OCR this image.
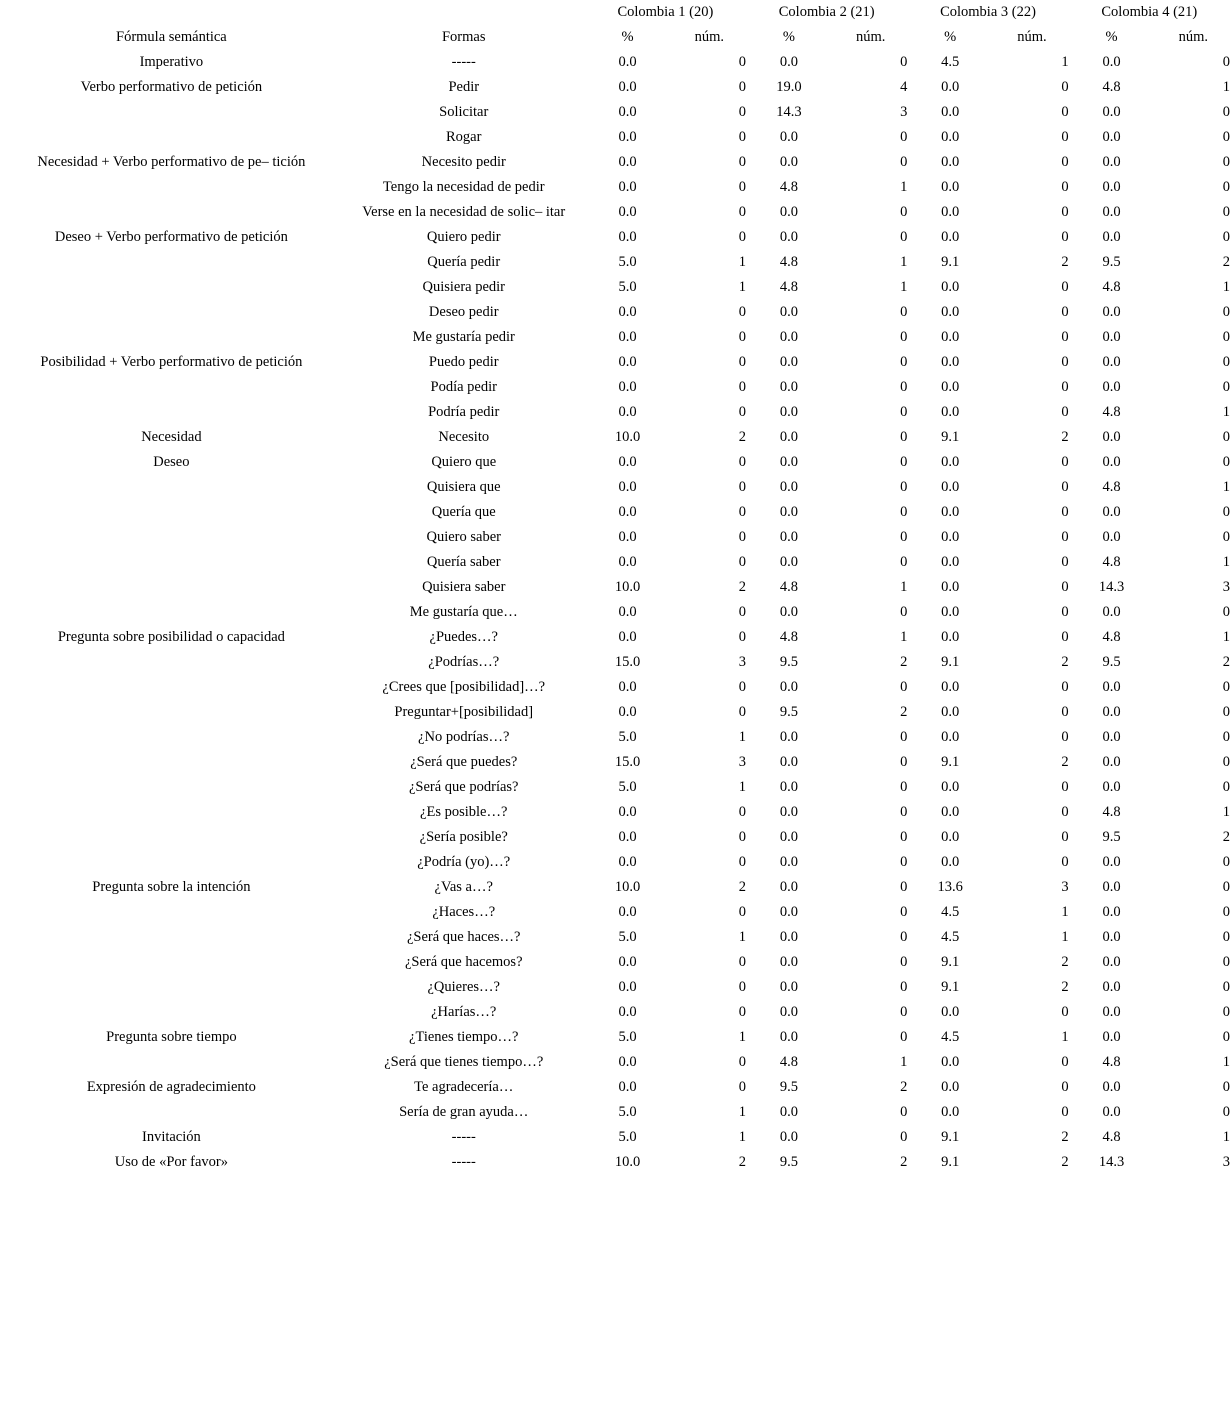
		Colombia 1 (20)		Colombia 2 (21)		Colombia 3 (22)		Colombia 4 (21)	
Fórmula semántica	Formas	%	núm.	%	núm.	%	núm.	%	núm.
Imperativo	-----	0.0	0	0.0	0	4.5	1	0.0	0
Verbo performativo de petición	Pedir	0.0	0	19.0	4	0.0	0	4.8	1
	Solicitar	0.0	0	14.3	3	0.0	0	0.0	0
	Rogar	0.0	0	0.0	0	0.0	0	0.0	0
Necesidad + Verbo performativo de pe– tición	Necesito pedir	0.0	0	0.0	0	0.0	0	0.0	0
	Tengo la necesidad de pedir	0.0	0	4.8	1	0.0	0	0.0	0
	Verse en la necesidad de solic– itar	0.0	0	0.0	0	0.0	0	0.0	0
Deseo + Verbo performativo de petición	Quiero pedir	0.0	0	0.0	0	0.0	0	0.0	0
	Quería pedir	5.0	1	4.8	1	9.1	2	9.5	2
	Quisiera pedir	5.0	1	4.8	1	0.0	0	4.8	1
	Deseo pedir	0.0	0	0.0	0	0.0	0	0.0	0
	Me gustaría pedir	0.0	0	0.0	0	0.0	0	0.0	0
Posibilidad + Verbo performativo de petición	Puedo pedir	0.0	0	0.0	0	0.0	0	0.0	0
	Podía pedir	0.0	0	0.0	0	0.0	0	0.0	0
	Podría pedir	0.0	0	0.0	0	0.0	0	4.8	1
Necesidad	Necesito	10.0	2	0.0	0	9.1	2	0.0	0
Deseo	Quiero que	0.0	0	0.0	0	0.0	0	0.0	0
	Quisiera que	0.0	0	0.0	0	0.0	0	4.8	1
	Quería que	0.0	0	0.0	0	0.0	0	0.0	0
	Quiero saber	0.0	0	0.0	0	0.0	0	0.0	0
	Quería saber	0.0	0	0.0	0	0.0	0	4.8	1
	Quisiera saber	10.0	2	4.8	1	0.0	0	14.3	3
	Me gustaría que…	0.0	0	0.0	0	0.0	0	0.0	0
Pregunta sobre posibilidad o capacidad	¿Puedes…?	0.0	0	4.8	1	0.0	0	4.8	1
	¿Podrías…?	15.0	3	9.5	2	9.1	2	9.5	2
	¿Crees que [posibilidad]…?	0.0	0	0.0	0	0.0	0	0.0	0
	Preguntar+[posibilidad]	0.0	0	9.5	2	0.0	0	0.0	0
	¿No podrías…?	5.0	1	0.0	0	0.0	0	0.0	0
	¿Será que puedes?	15.0	3	0.0	0	9.1	2	0.0	0
	¿Será que podrías?	5.0	1	0.0	0	0.0	0	0.0	0
	¿Es posible…?	0.0	0	0.0	0	0.0	0	4.8	1
	¿Sería posible?	0.0	0	0.0	0	0.0	0	9.5	2
	¿Podría (yo)…?	0.0	0	0.0	0	0.0	0	0.0	0
Pregunta sobre la intención	¿Vas a…?	10.0	2	0.0	0	13.6	3	0.0	0
	¿Haces…?	0.0	0	0.0	0	4.5	1	0.0	0
	¿Será que haces…?	5.0	1	0.0	0	4.5	1	0.0	0
	¿Será que hacemos?	0.0	0	0.0	0	9.1	2	0.0	0
	¿Quieres…?	0.0	0	0.0	0	9.1	2	0.0	0
	¿Harías…?	0.0	0	0.0	0	0.0	0	0.0	0
Pregunta sobre tiempo	¿Tienes tiempo…?	5.0	1	0.0	0	4.5	1	0.0	0
	¿Será que tienes tiempo…?	0.0	0	4.8	1	0.0	0	4.8	1
Expresión de agradecimiento	Te agradecería…	0.0	0	9.5	2	0.0	0	0.0	0
	Sería de gran ayuda…	5.0	1	0.0	0	0.0	0	0.0	0
Invitación	-----	5.0	1	0.0	0	9.1	2	4.8	1
Uso de «Por favor»	-----	10.0	2	9.5	2	9.1	2	14.3	3
